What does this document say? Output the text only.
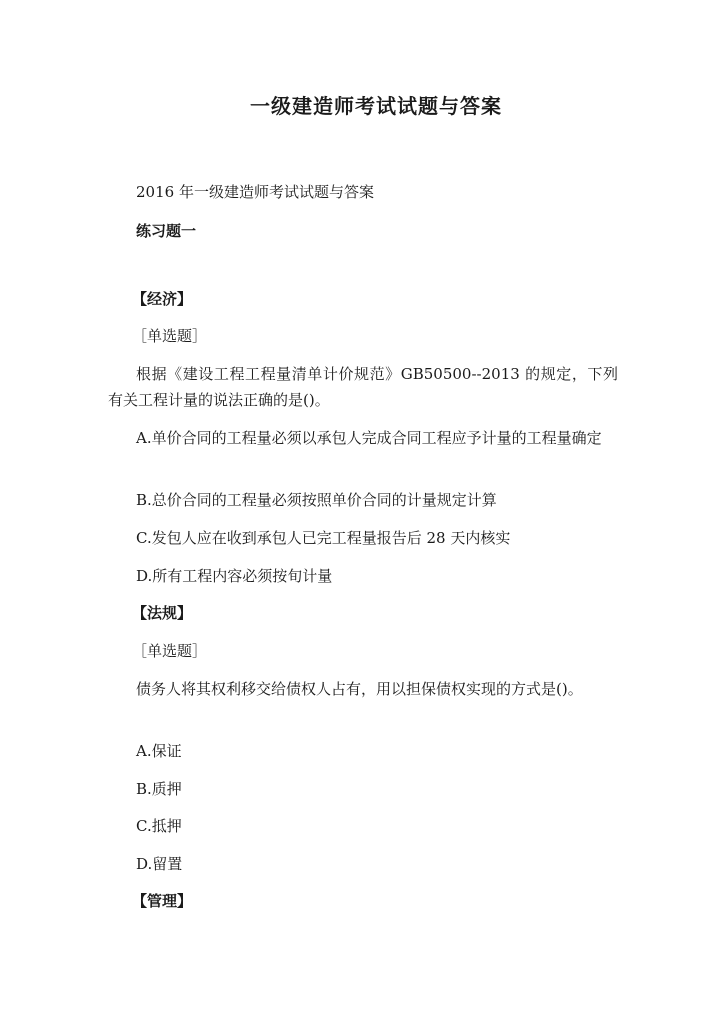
一级建造师考试试题与答案
2016 年一级建造师考试试题与答案
练习题一
【经济】
［单选题］
根据《建设工程工程量清单计价规范》GB50500--2013 的规定，下列有关工程计量的说法正确的是()。
A.单价合同的工程量必须以承包人完成合同工程应予计量的工程量确定
B.总价合同的工程量必须按照单价合同的计量规定计算
C.发包人应在收到承包人已完工程量报告后 28 天内核实
D.所有工程内容必须按旬计量
【法规】
［单选题］
债务人将其权利移交给债权人占有，用以担保债权实现的方式是()。
A.保证
B.质押
C.抵押
D.留置
【管理】
